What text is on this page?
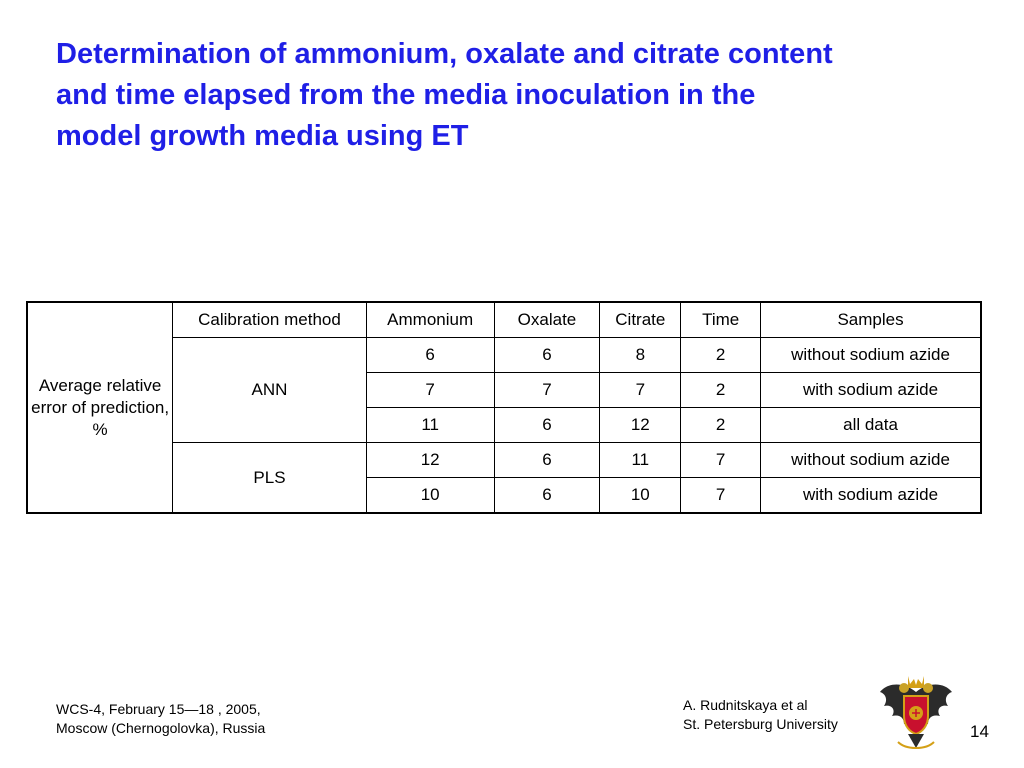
Determination of ammonium, oxalate and citrate content
and time elapsed from the media inoculation in the
model growth media using ET
Average relative error of prediction, %	Calibration method	Ammonium	Oxalate	Citrate	Time	Samples
	ANN	6	6	8	2	without sodium azide
		7	7	7	2	with sodium azide
		11	6	12	2	all data
	PLS	12	6	11	7	without sodium azide
		10	6	10	7	with sodium azide
WCS-4, February 15—18 , 2005,
Moscow (Chernogolovka), Russia
A. Rudnitskaya et al
St. Petersburg University	14
